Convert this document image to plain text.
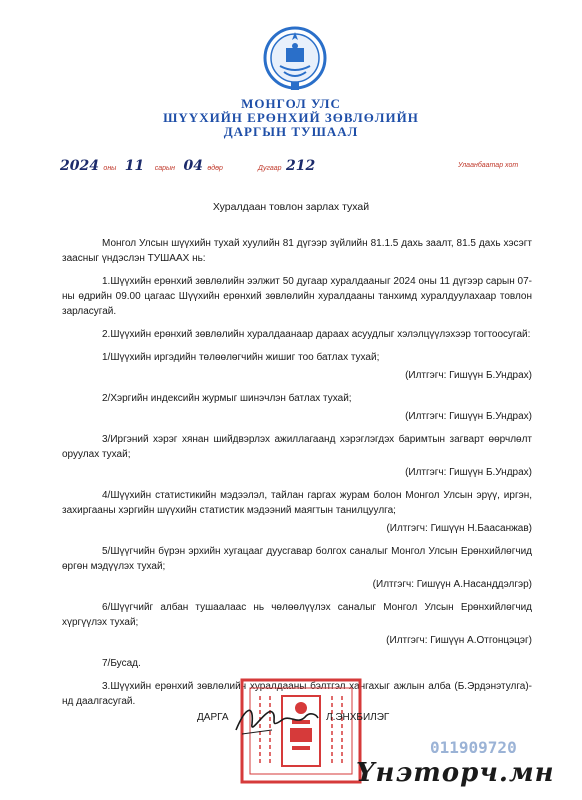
МОНГОЛ УЛС
ШҮҮХИЙН ЕРӨНХИЙ ЗӨВЛӨЛИЙН
ДАРГЫН ТУШААЛ
2024 оны 11 сарын 04 өдөр	Дугаар 212	Улаанбаатар хот
Хуралдаан товлон зарлах тухай

Монгол Улсын шүүхийн тухай хуулийн 81 дүгээр зүйлийн 81.1.5 дахь заалт, 81.5 дахь хэсэгт заасныг үндэслэн ТУШААХ нь:

1.Шүүхийн ерөнхий зөвлөлийн ээлжит 50 дугаар хуралдааныг 2024 оны 11 дүгээр сарын 07-ны өдрийн 09.00 цагаас Шүүхийн ерөнхий зөвлөлийн хуралдааны танхимд хуралдуулахаар товлон зарласугай.

2.Шүүхийн ерөнхий зөвлөлийн хуралдаанаар дараах асуудлыг хэлэлцүүлэхээр тогтоосугай:

1/Шүүхийн иргэдийн төлөөлөгчийн жишиг тоо батлах тухай;

(Илтгэгч: Гишүүн Б.Ундрах)

2/Хэргийн индексийн журмыг шинэчлэн батлах тухай;

(Илтгэгч: Гишүүн Б.Ундрах)

3/Иргэний хэрэг хянан шийдвэрлэх ажиллагаанд хэрэглэгдэх баримтын загварт өөрчлөлт оруулах тухай;

(Илтгэгч: Гишүүн Б.Ундрах)

4/Шүүхийн статистикийн мэдээлэл, тайлан гаргах журам болон Монгол Улсын эрүү, иргэн, захиргааны хэргийн шүүхийн статистик мэдээний маягтын танилцуулга;

(Илтгэгч: Гишүүн Н.Баасанжав)

5/Шүүгчийн бүрэн эрхийн хугацааг дуусгавар болгох саналыг Монгол Улсын Ерөнхийлөгчид өргөн мэдүүлэх тухай;

(Илтгэгч: Гишүүн А.Насанддэлгэр)

6/Шүүгчийг албан тушаалаас нь чөлөөлүүлэх саналыг Монгол Улсын Ерөнхийлөгчид хүргүүлэх тухай;

(Илтгэгч: Гишүүн А.Отгонцэцэг)

7/Бусад.

3.Шүүхийн ерөнхий зөвлөлийн хуралдааны бэлтгэл хангахыг ажлын алба (Б.Эрдэнэтулга)-нд даалгасугай.

ДАРГА	Л.ЭНХБИЛЭГ
011909720
Үнэторч.мн
